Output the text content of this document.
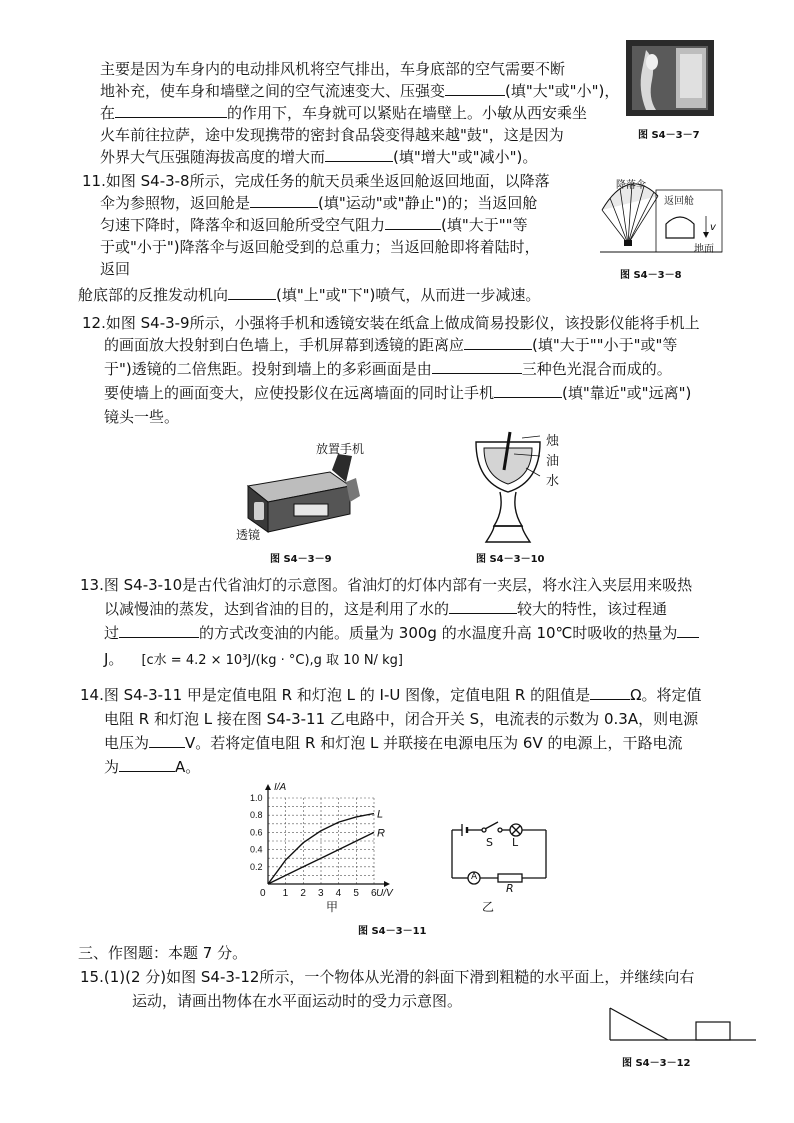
主要是因为车身内的电动排风机将空气排出，车身底部的空气需要不断
地补充，使车身和墙壁之间的空气流速变大、压强变	(填"大"或"小")，
在	的作用下，车身就可以紧贴在墙壁上。小敏从西安乘坐
火车前往拉萨，途中发现携带的密封食品袋变得越来越"鼓"，这是因为
外界大气压强随海拔高度的增大而	(填"增大"或"减小")。
图 S4－3－7
11.如图 S4-3-8所示，完成任务的航天员乘坐返回舱返回地面，以降落
伞为参照物，返回舱是	(填"运动"或"静止")的；当返回舱
匀速下降时，降落伞和返回舱所受空气阻力	(填"大于""等
于或"小于")降落伞与返回舱受到的总重力；当返回舱即将着陆时，
返回
舱底部的反推发动机向	(填"上"或"下")喷气，从而进一步减速。
降落伞
返回舱
v
地面
图 S4－3－8
12.如图 S4-3-9所示，小强将手机和透镜安装在纸盒上做成简易投影仪，该投影仪能将手机上
的画面放大投射到白色墙上，手机屏幕到透镜的距离应	(填"大于""小于"或"等
于")透镜的二倍焦距。投射到墙上的多彩画面是由	三种色光混合而成的。
要使墙上的画面变大，应使投影仪在远离墙面的同时让手机	(填"靠近"或"远离")
镜头一些。
放置手机
透镜
图 S4－3－9
烛
油
水
图 S4－3－10
13.图 S4-3-10是古代省油灯的示意图。省油灯的灯体内部有一夹层，将水注入夹层用来吸热
以减慢油的蒸发，达到省油的目的，这是利用了水的	较大的特性，该过程通
过	的方式改变油的内能。质量为 300g 的水温度升高 10℃时吸收的热量为
J。 [c水 = 4.2 × 10³J/(kg · °C),g 取 10 N/ kg]
14.图 S4-3-11 甲是定值电阻 R 和灯泡 L 的 I-U 图像，定值电阻 R 的阻值是	Ω。将定值
电阻 R 和灯泡 L 接在图 S4-3-11 乙电路中，闭合开关 S，电流表的示数为 0.3A，则电源
电压为 V。若将定值电阻 R 和灯泡 L 并联接在电源电压为 6V 的电源上，干路电流
为	A。
0 1 2 3 4 5 6
0.2
0.4
0.6
0.8
1.0
I/A
U/V
L
R
甲
S L
A
R
乙
图 S4－3－11
三、作图题：本题 7 分。
15.(1)(2 分)如图 S4-3-12所示，一个物体从光滑的斜面下滑到粗糙的水平面上，并继续向右
运动，请画出物体在水平面运动时的受力示意图。
图 S4－3－12
